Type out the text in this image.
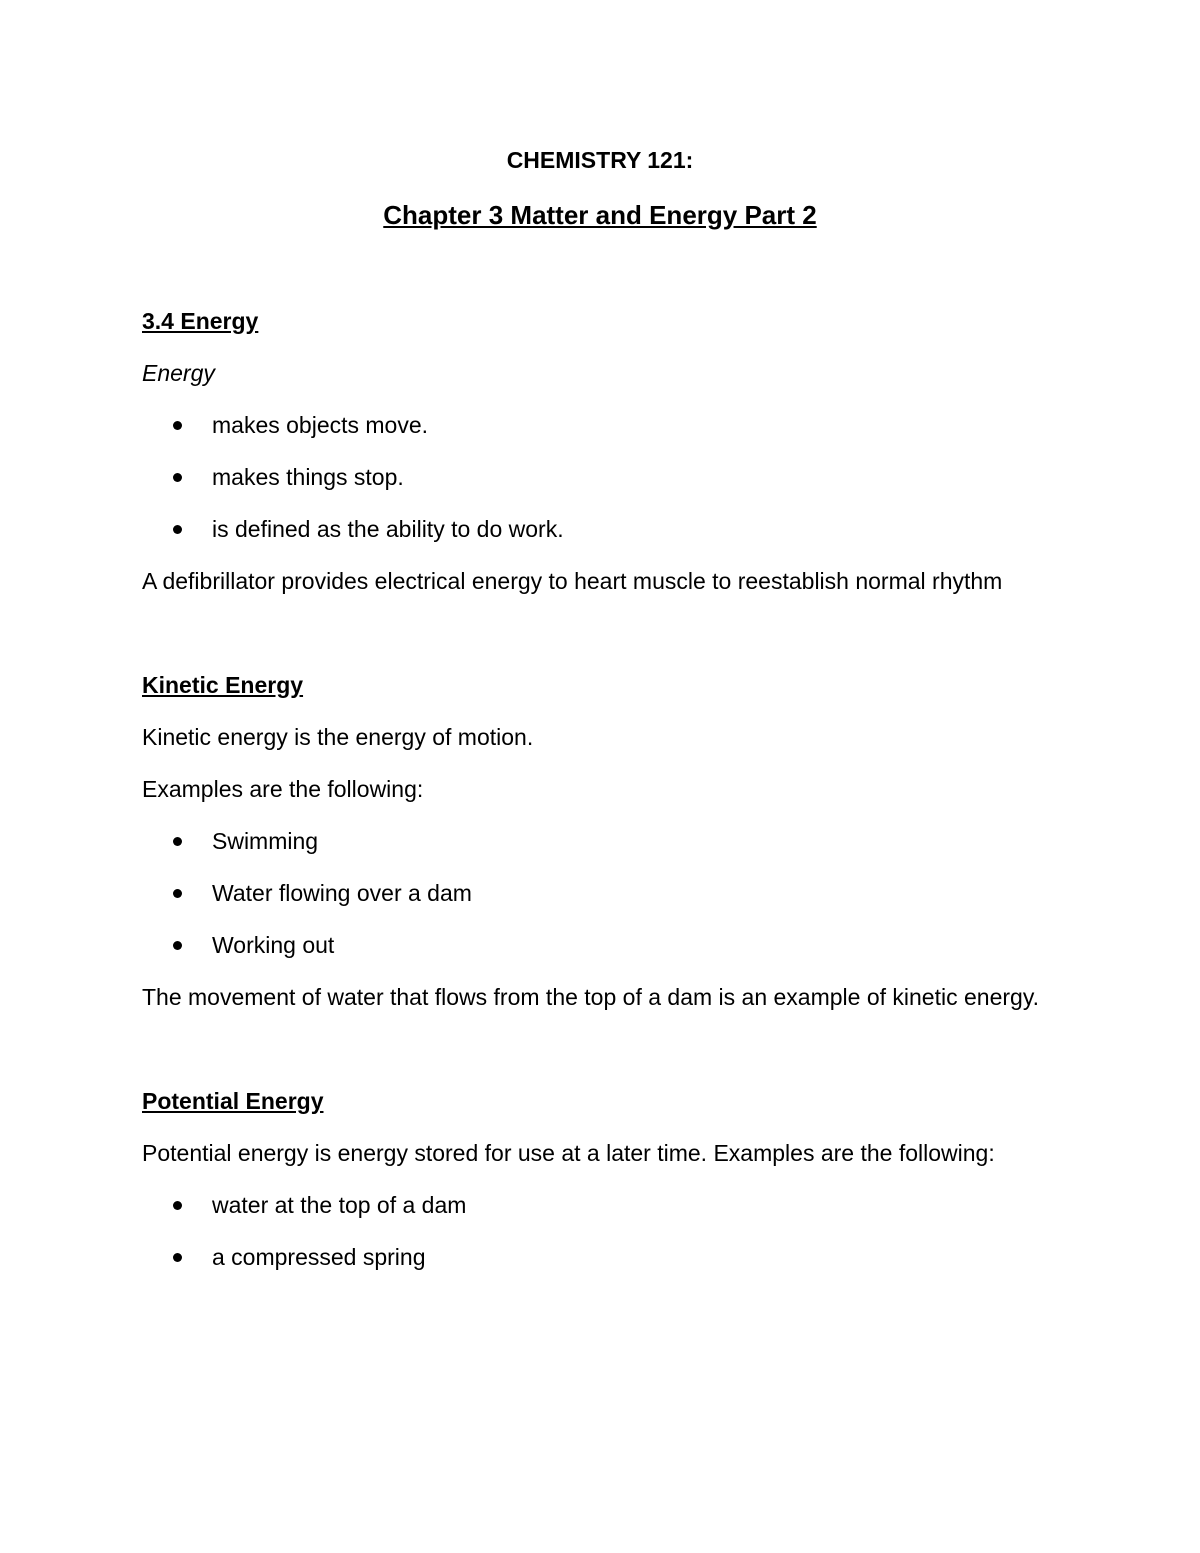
CHEMISTRY 121:

Chapter 3 Matter and Energy Part 2

3.4 Energy

Energy

makes objects move.
makes things stop.
is defined as the ability to do work.

A defibrillator provides electrical energy to heart muscle to reestablish normal rhythm

Kinetic Energy

Kinetic energy is the energy of motion.

Examples are the following:

Swimming
Water flowing over a dam
Working out

The movement of water that flows from the top of a dam is an example of kinetic energy.

Potential Energy

Potential energy is energy stored for use at a later time. Examples are the following:

water at the top of a dam
a compressed spring
